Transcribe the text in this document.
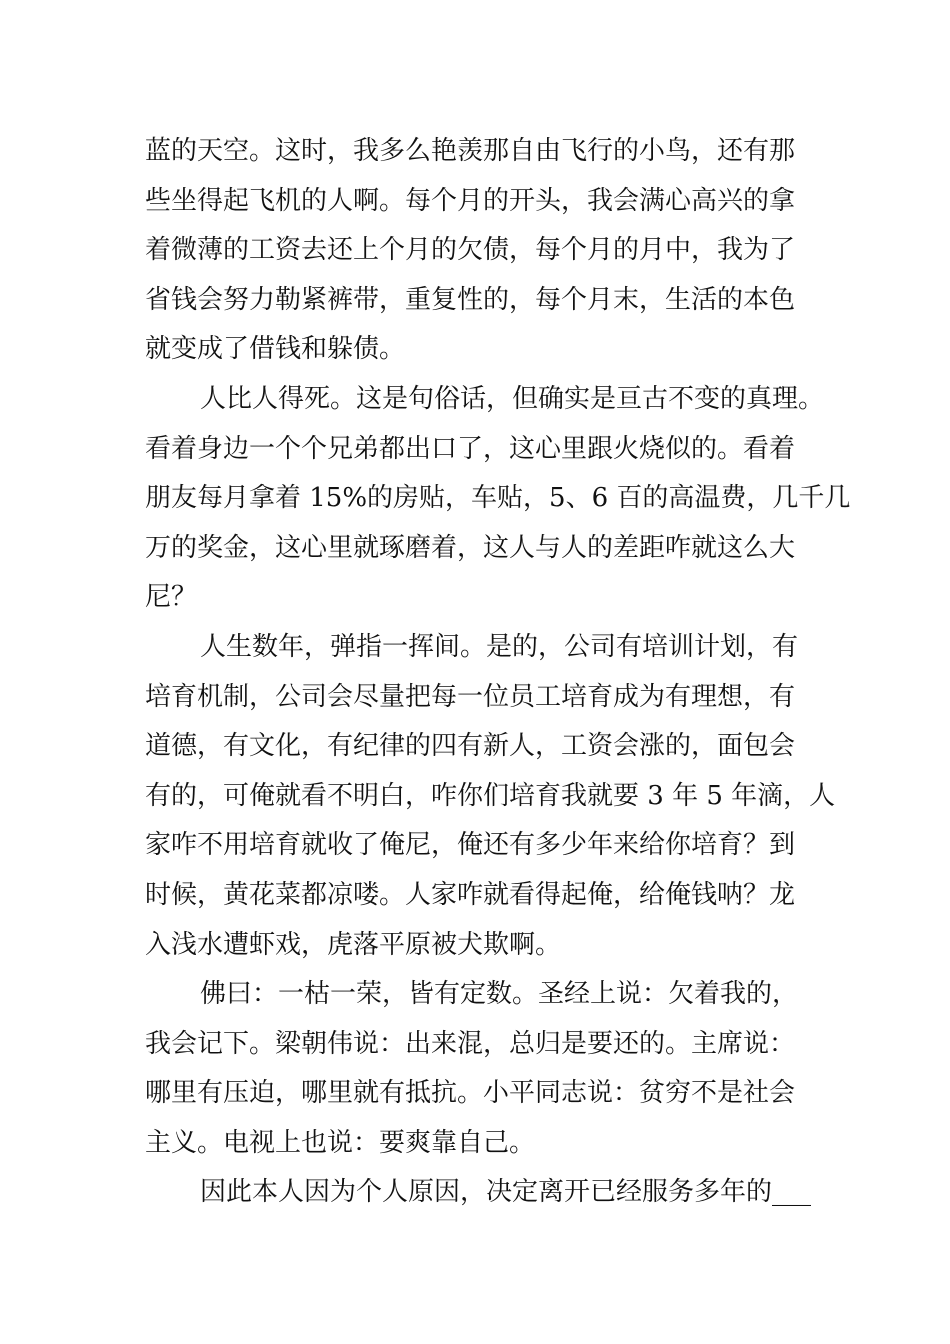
蓝的天空。这时，我多么艳羡那自由飞行的小鸟，还有那
些坐得起飞机的人啊。每个月的开头，我会满心高兴的拿
着微薄的工资去还上个月的欠债，每个月的月中，我为了
省钱会努力勒紧裤带，重复性的，每个月末，生活的本色
就变成了借钱和躲债。
人比人得死。这是句俗话，但确实是亘古不变的真理。
看着身边一个个兄弟都出口了，这心里跟火烧似的。看着
朋友每月拿着 15%的房贴，车贴，5、6 百的高温费，几千几
万的奖金，这心里就琢磨着，这人与人的差距咋就这么大
尼？
人生数年，弹指一挥间。是的，公司有培训计划，有
培育机制，公司会尽量把每一位员工培育成为有理想，有
道德，有文化，有纪律的四有新人，工资会涨的，面包会
有的，可俺就看不明白，咋你们培育我就要 3 年 5 年滴，人
家咋不用培育就收了俺尼，俺还有多少年来给你培育？到
时候，黄花菜都凉喽。人家咋就看得起俺，给俺钱呐？龙
入浅水遭虾戏，虎落平原被犬欺啊。
佛曰：一枯一荣，皆有定数。圣经上说：欠着我的，
我会记下。梁朝伟说：出来混，总归是要还的。主席说：
哪里有压迫，哪里就有抵抗。小平同志说：贫穷不是社会
主义。电视上也说：要爽靠自己。
因此本人因为个人原因，决定离开已经服务多年的___
